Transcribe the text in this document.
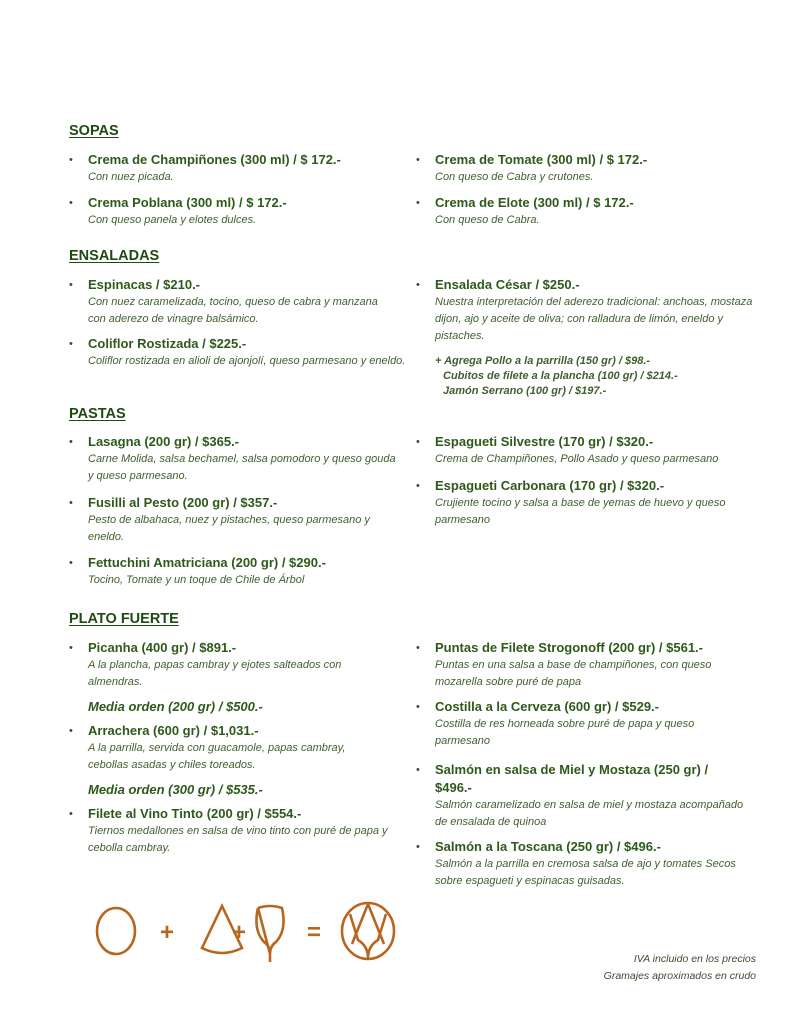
SOPAS
• Crema de Champiñones (300 ml) / $ 172.-
Con nuez picada.
• Crema Poblana (300 ml) / $ 172.-
Con queso panela y elotes dulces.
• Crema de Tomate (300 ml) / $ 172.-
Con queso de Cabra y crutones.
• Crema de Elote (300 ml) / $ 172.-
Con queso de Cabra.
ENSALADAS
• Espinacas / $210.-
Con nuez caramelizada, tocino, queso de cabra y manzana con aderezo de vinagre balsámico.
• Coliflor Rostizada / $225.-
Coliflor rostizada en alioli de ajonjolí, queso parmesano y eneldo.
• Ensalada César / $250.-
Nuestra interpretación del aderezo tradicional: anchoas, mostaza dijon, ajo y aceite de oliva; con ralladura de limón, eneldo y pistaches.
+ Agrega Pollo a la parrilla (150 gr) / $98.-
Cubitos de filete a la plancha (100 gr) / $214.-
Jamón Serrano (100 gr) / $197.-
PASTAS
• Lasagna (200 gr) / $365.-
Carne Molida, salsa bechamel, salsa pomodoro y queso gouda y queso parmesano.
• Fusilli al Pesto (200 gr) / $357.-
Pesto de albahaca, nuez y pistaches, queso parmesano y eneldo.
• Fettuchini Amatriciana (200 gr) / $290.-
Tocino, Tomate y un toque de Chile de Árbol
• Espagueti Silvestre (170 gr) / $320.-
Crema de Champiñones, Pollo Asado y queso parmesano
• Espagueti Carbonara (170 gr) / $320.-
Crujiente tocino y salsa a base de yemas de huevo y queso parmesano
PLATO FUERTE
• Picanha (400 gr) / $891.-
A la plancha, papas cambray y ejotes salteados con almendras.
Media orden (200 gr) / $500.-
• Arrachera (600 gr) / $1,031.-
A la parrilla, servida con guacamole, papas cambray, cebollas asadas y chiles toreados.
Media orden (300 gr) / $535.-
• Filete al Vino Tinto (200 gr) / $554.-
Tiernos medallones en salsa de vino tinto con puré de papa y cebolla cambray.
• Puntas de Filete Strogonoff (200 gr) / $561.-
Puntas en una salsa a base de champiñones, con queso mozarella sobre puré de papa
• Costilla a la Cerveza (600 gr) / $529.-
Costilla de res horneada sobre puré de papa y queso parmesano
• Salmón en salsa de Miel y Mostaza (250 gr) / $496.-
Salmón caramelizado en salsa de miel y mostaza acompañado de ensalada de quinoa
• Salmón a la Toscana (250 gr) / $496.-
Salmón a la parrilla en cremosa salsa de ajo y tomates Secos sobre espagueti y espinacas guisadas.
+ +	=
IVA incluido en los precios
Gramajes aproximados en crudo
